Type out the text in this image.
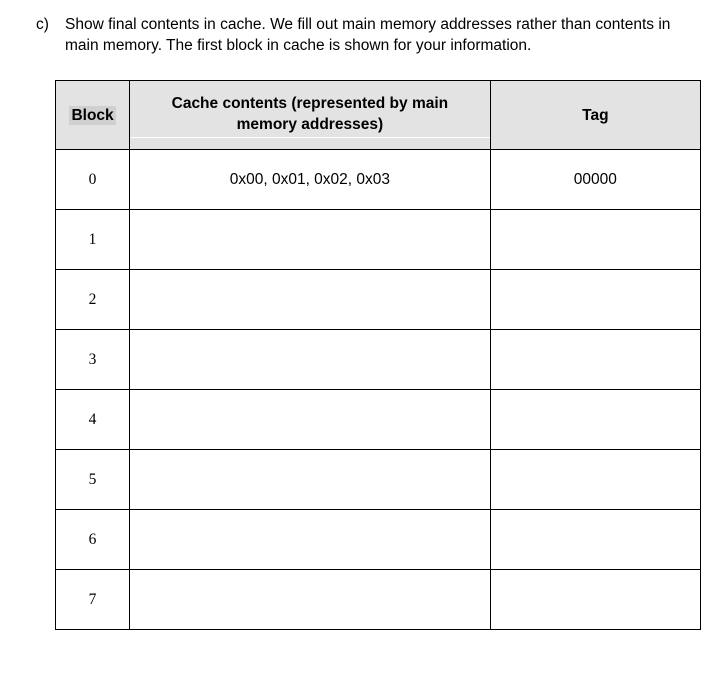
c)	Show final contents in cache. We fill out main memory addresses rather than contents in main memory. The first block in cache is shown for your information.
Block	Cache contents (represented by main memory addresses)	Tag
0	0x00, 0x01, 0x02, 0x03	00000
1		
2		
3		
4		
5		
6		
7		
